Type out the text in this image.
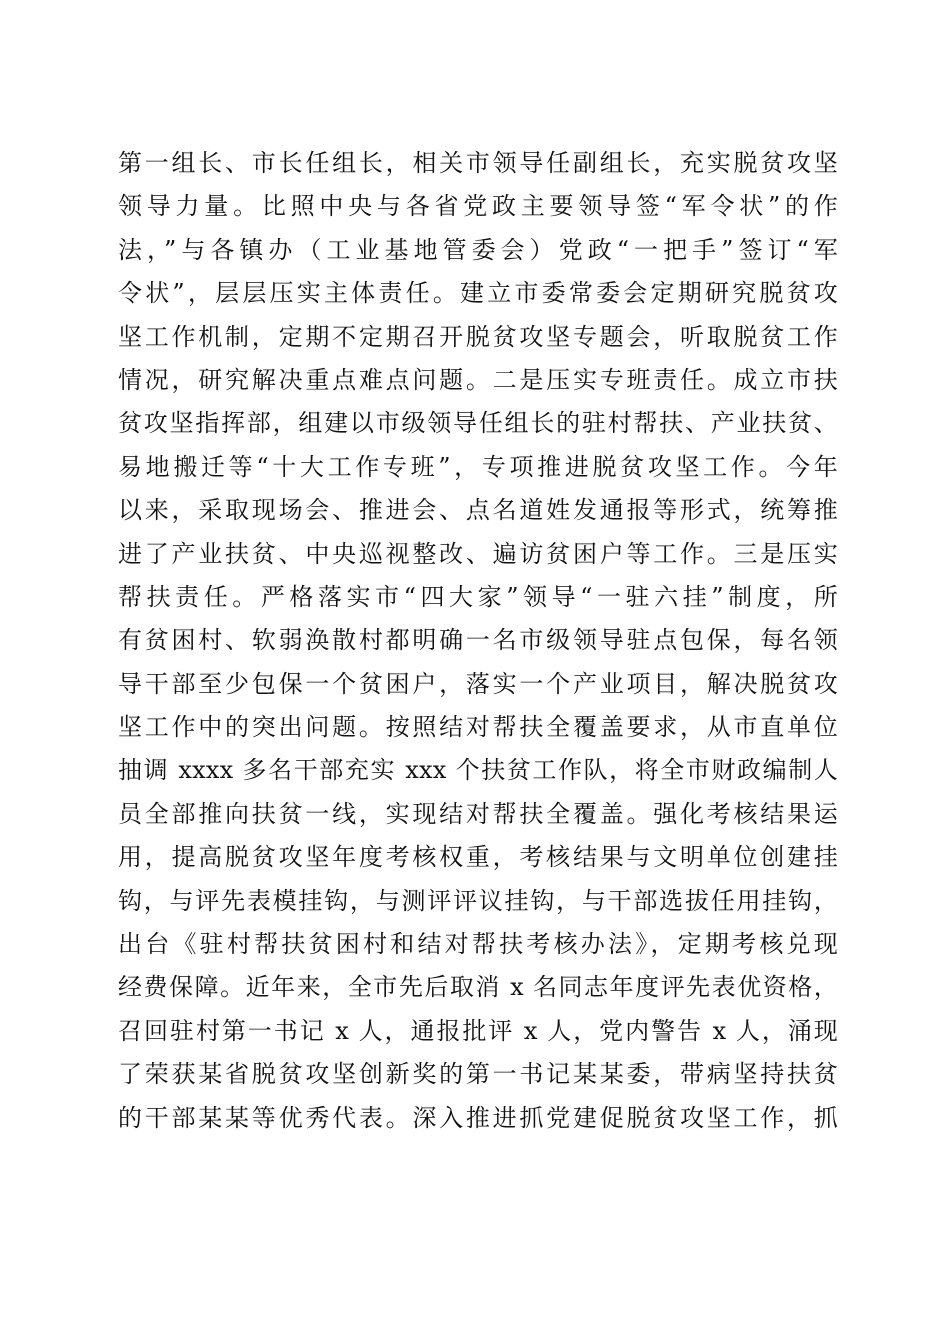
第一组长、市长任组长，相关市领导任副组长，充实脱贫攻坚
领导力量。比照中央与各省党政主要领导签“军令状”的作
法，”与各镇办（工业基地管委会）党政“一把手”签订“军
令状”，层层压实主体责任。建立市委常委会定期研究脱贫攻
坚工作机制，定期不定期召开脱贫攻坚专题会，听取脱贫工作
情况，研究解决重点难点问题。二是压实专班责任。成立市扶
贫攻坚指挥部，组建以市级领导任组长的驻村帮扶、产业扶贫、
易地搬迁等“十大工作专班”，专项推进脱贫攻坚工作。今年
以来，采取现场会、推进会、点名道姓发通报等形式，统筹推
进了产业扶贫、中央巡视整改、遍访贫困户等工作。三是压实
帮扶责任。严格落实市“四大家”领导“一驻六挂”制度，所
有贫困村、软弱涣散村都明确一名市级领导驻点包保，每名领
导干部至少包保一个贫困户，落实一个产业项目，解决脱贫攻
坚工作中的突出问题。按照结对帮扶全覆盖要求，从市直单位
抽调 xxxx 多名干部充实 xxx 个扶贫工作队，将全市财政编制人
员全部推向扶贫一线，实现结对帮扶全覆盖。强化考核结果运
用，提高脱贫攻坚年度考核权重，考核结果与文明单位创建挂
钩，与评先表模挂钩，与测评评议挂钩，与干部选拔任用挂钩，
出台《驻村帮扶贫困村和结对帮扶考核办法》，定期考核兑现
经费保障。近年来，全市先后取消 x 名同志年度评先表优资格，
召回驻村第一书记 x 人，通报批评 x 人，党内警告 x 人，涌现
了荣获某省脱贫攻坚创新奖的第一书记某某委，带病坚持扶贫
的干部某某等优秀代表。深入推进抓党建促脱贫攻坚工作，抓
